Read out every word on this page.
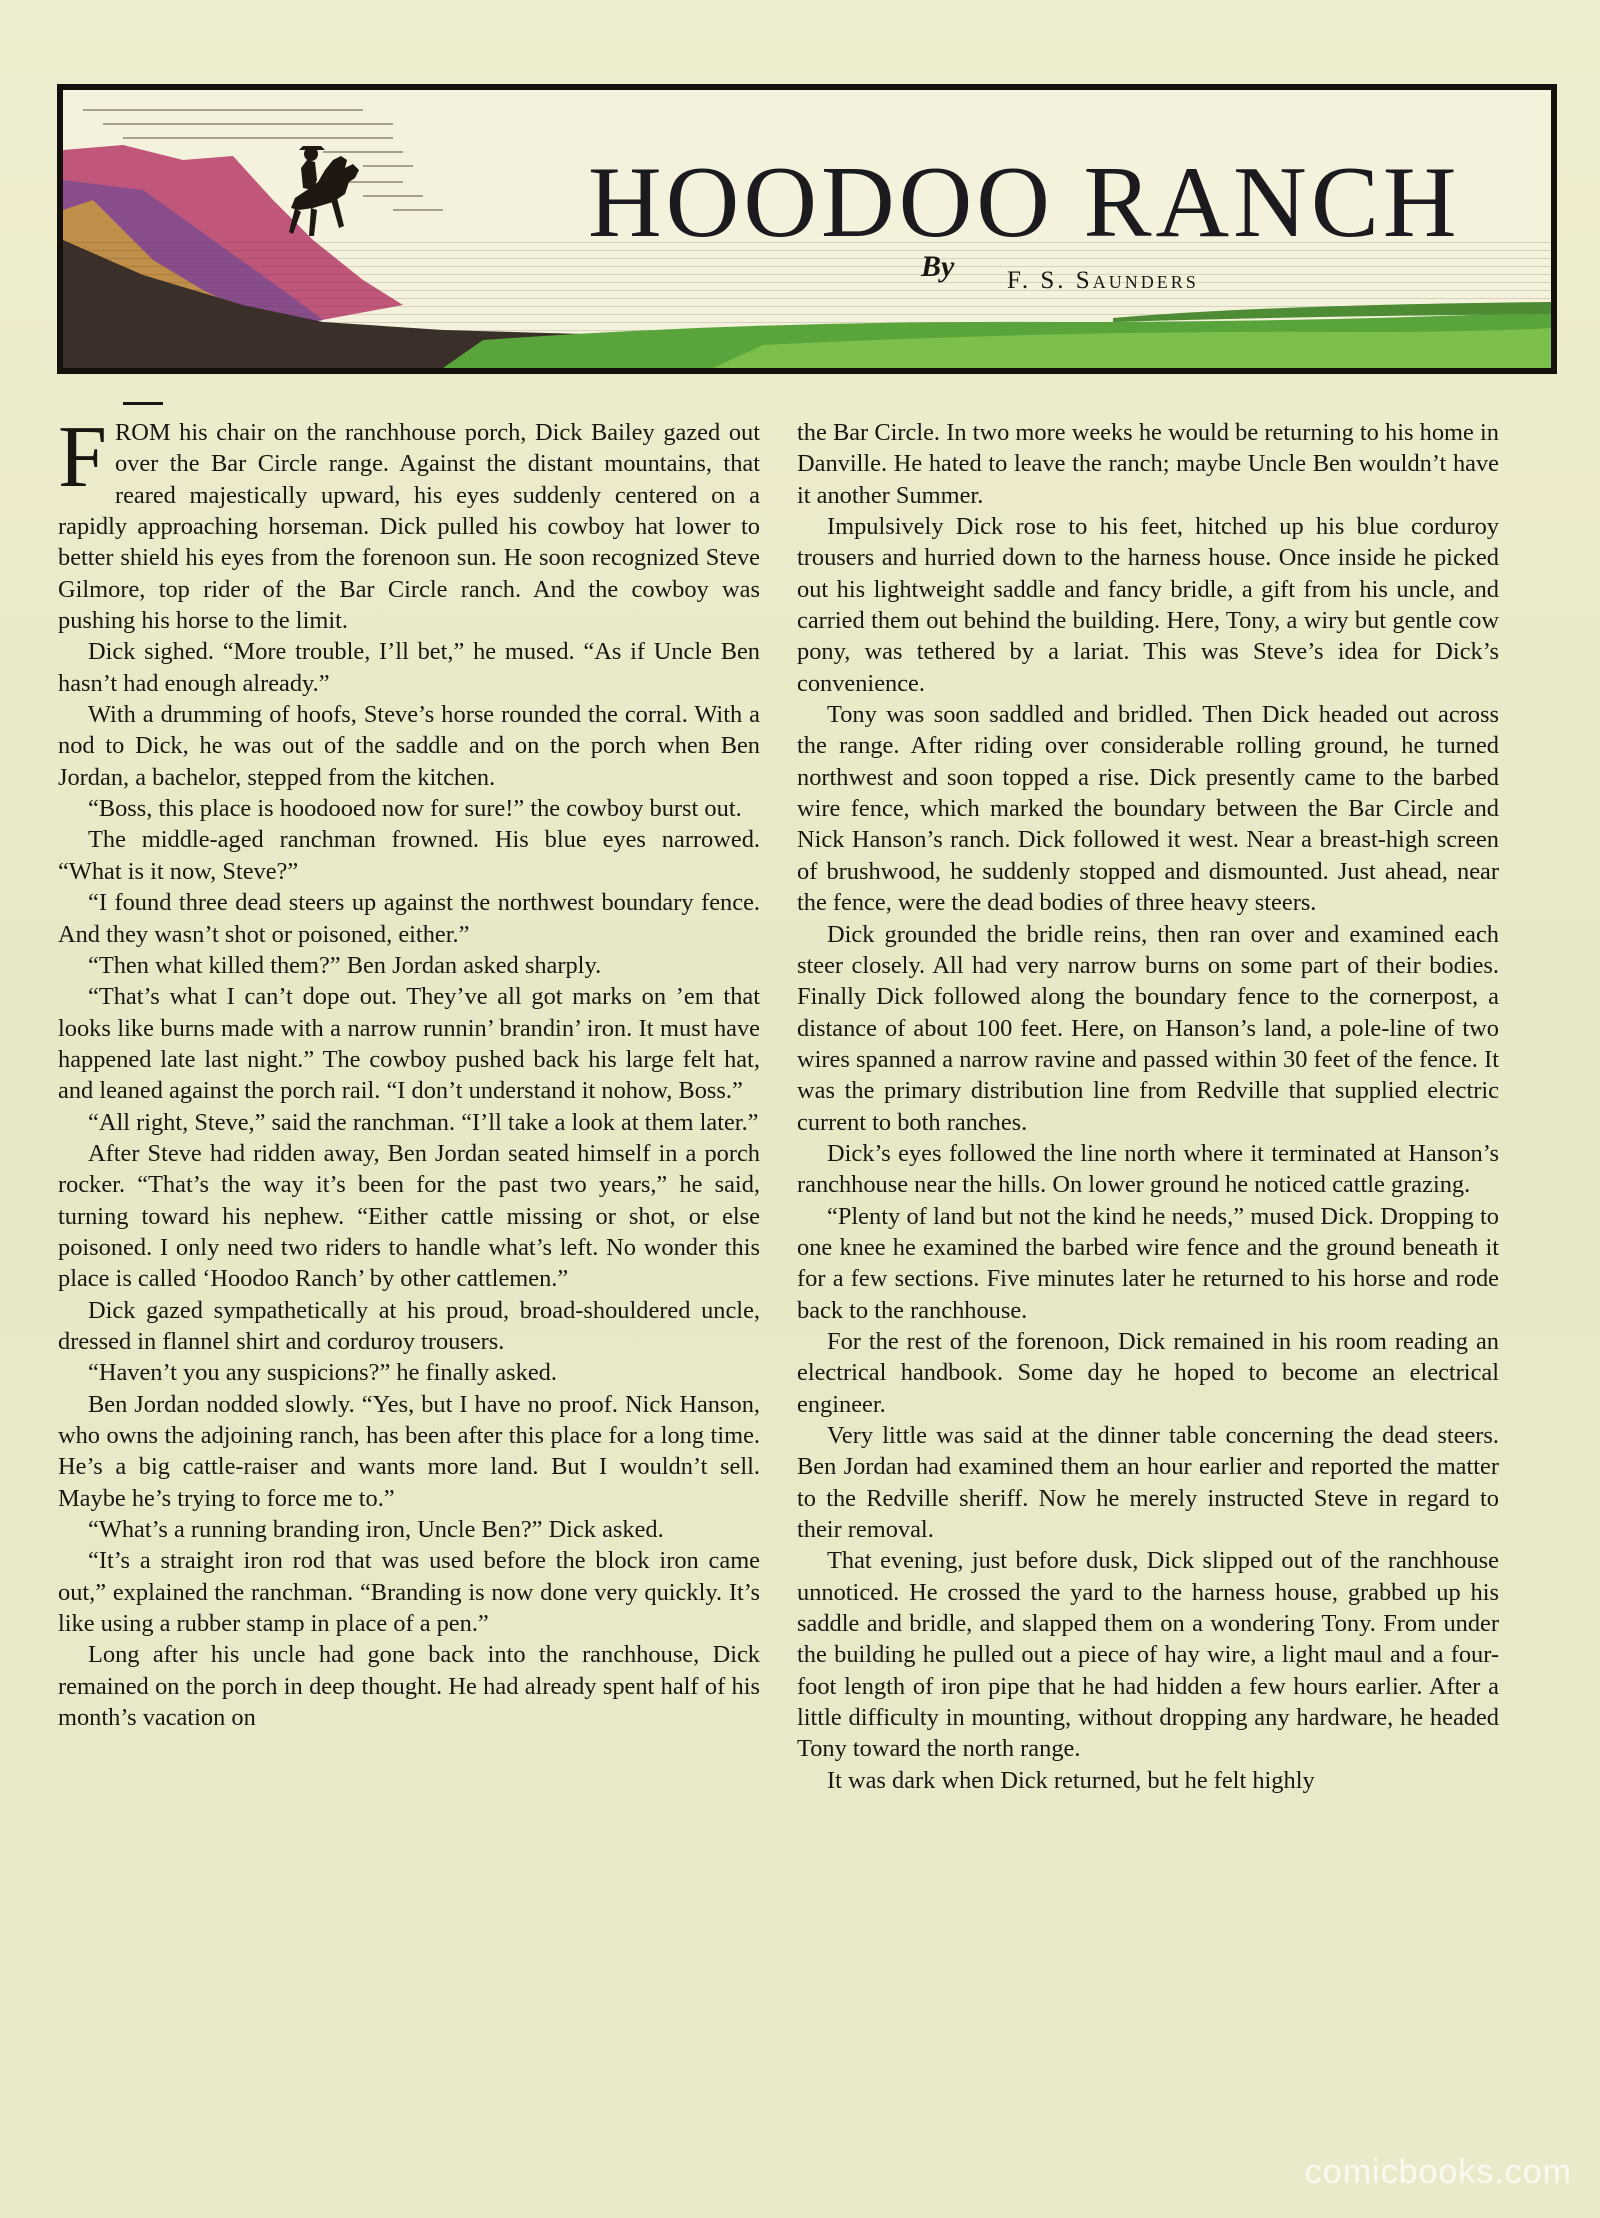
HOODOO RANCH
By F. S. Saunders

FROM his chair on the ranchhouse porch, Dick Bailey gazed out over the Bar Circle range. Against the distant mountains, that reared majestically upward, his eyes suddenly centered on a rapidly approaching horseman. Dick pulled his cowboy hat lower to better shield his eyes from the forenoon sun. He soon recognized Steve Gilmore, top rider of the Bar Circle ranch. And the cowboy was pushing his horse to the limit.

Dick sighed. “More trouble, I’ll bet,” he mused. “As if Uncle Ben hasn’t had enough already.”

With a drumming of hoofs, Steve’s horse rounded the corral. With a nod to Dick, he was out of the saddle and on the porch when Ben Jordan, a bachelor, stepped from the kitchen.

“Boss, this place is hoodooed now for sure!” the cowboy burst out.

The middle-aged ranchman frowned. His blue eyes narrowed. “What is it now, Steve?”

“I found three dead steers up against the northwest boundary fence. And they wasn’t shot or poisoned, either.”

“Then what killed them?” Ben Jordan asked sharply.

“That’s what I can’t dope out. They’ve all got marks on ’em that looks like burns made with a narrow runnin’ brandin’ iron. It must have happened late last night.” The cowboy pushed back his large felt hat, and leaned against the porch rail. “I don’t understand it nohow, Boss.”

“All right, Steve,” said the ranchman. “I’ll take a look at them later.”

After Steve had ridden away, Ben Jordan seated himself in a porch rocker. “That’s the way it’s been for the past two years,” he said, turning toward his nephew. “Either cattle missing or shot, or else poisoned. I only need two riders to handle what’s left. No wonder this place is called ‘Hoodoo Ranch’ by other cattlemen.”

Dick gazed sympathetically at his proud, broad-shouldered uncle, dressed in flannel shirt and corduroy trousers.

“Haven’t you any suspicions?” he finally asked.

Ben Jordan nodded slowly. “Yes, but I have no proof. Nick Hanson, who owns the adjoining ranch, has been after this place for a long time. He’s a big cattle-raiser and wants more land. But I wouldn’t sell. Maybe he’s trying to force me to.”

“What’s a running branding iron, Uncle Ben?” Dick asked.

“It’s a straight iron rod that was used before the block iron came out,” explained the ranchman. “Branding is now done very quickly. It’s like using a rubber stamp in place of a pen.”

Long after his uncle had gone back into the ranchhouse, Dick remained on the porch in deep thought. He had already spent half of his month’s vacation on

the Bar Circle. In two more weeks he would be returning to his home in Danville. He hated to leave the ranch; maybe Uncle Ben wouldn’t have it another Summer.

Impulsively Dick rose to his feet, hitched up his blue corduroy trousers and hurried down to the harness house. Once inside he picked out his lightweight saddle and fancy bridle, a gift from his uncle, and carried them out behind the building. Here, Tony, a wiry but gentle cow pony, was tethered by a lariat. This was Steve’s idea for Dick’s convenience.

Tony was soon saddled and bridled. Then Dick headed out across the range. After riding over considerable rolling ground, he turned northwest and soon topped a rise. Dick presently came to the barbed wire fence, which marked the boundary between the Bar Circle and Nick Hanson’s ranch. Dick followed it west. Near a breast-high screen of brushwood, he suddenly stopped and dismounted. Just ahead, near the fence, were the dead bodies of three heavy steers.

Dick grounded the bridle reins, then ran over and examined each steer closely. All had very narrow burns on some part of their bodies. Finally Dick followed along the boundary fence to the cornerpost, a distance of about 100 feet. Here, on Hanson’s land, a pole-line of two wires spanned a narrow ravine and passed within 30 feet of the fence. It was the primary distribution line from Redville that supplied electric current to both ranches.

Dick’s eyes followed the line north where it terminated at Hanson’s ranchhouse near the hills. On lower ground he noticed cattle grazing.

“Plenty of land but not the kind he needs,” mused Dick. Dropping to one knee he examined the barbed wire fence and the ground beneath it for a few sections. Five minutes later he returned to his horse and rode back to the ranchhouse.

For the rest of the forenoon, Dick remained in his room reading an electrical handbook. Some day he hoped to become an electrical engineer.

Very little was said at the dinner table concerning the dead steers. Ben Jordan had examined them an hour earlier and reported the matter to the Redville sheriff. Now he merely instructed Steve in regard to their removal.

That evening, just before dusk, Dick slipped out of the ranchhouse unnoticed. He crossed the yard to the harness house, grabbed up his saddle and bridle, and slapped them on a wondering Tony. From under the building he pulled out a piece of hay wire, a light maul and a four-foot length of iron pipe that he had hidden a few hours earlier. After a little difficulty in mounting, without dropping any hardware, he headed Tony toward the north range.

It was dark when Dick returned, but he felt highly

comicbooks.com
